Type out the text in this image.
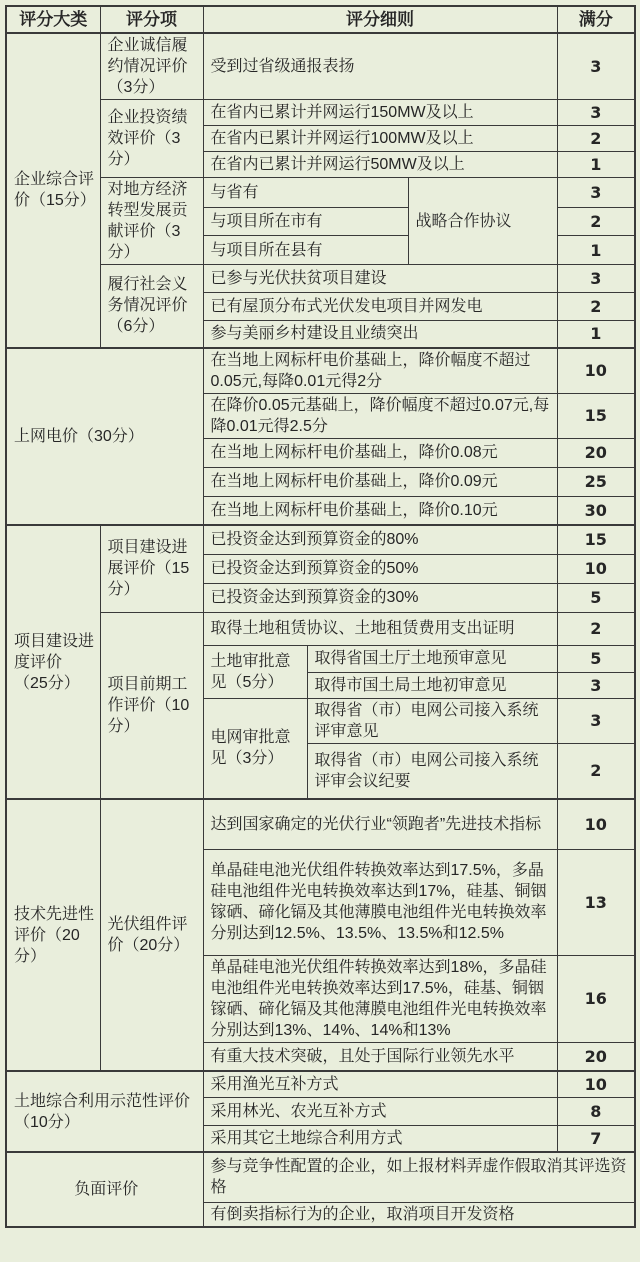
评分大类	评分项	评分细则			满分
企业综合评价（15分）	企业诚信履约情况评价（3分）	受到过省级通报表扬			3
	企业投资绩效评价（3分）	在省内已累计并网运行150MW及以上			3
		在省内已累计并网运行100MW及以上			2
		在省内已累计并网运行50MW及以上			1
	对地方经济转型发展贡献评价（3分）	与省有		战略合作协议	3
		与项目所在市有			2
		与项目所在县有			1
	履行社会义务情况评价（6分）	已参与光伏扶贫项目建设			3
		已有屋顶分布式光伏发电项目并网发电			2
		参与美丽乡村建设且业绩突出			1
上网电价（30分）		在当地上网标杆电价基础上，降价幅度不超过0.05元,每降0.01元得2分			10
		在降价0.05元基础上，降价幅度不超过0.07元,每降0.01元得2.5分			15
		在当地上网标杆电价基础上，降价0.08元			20
		在当地上网标杆电价基础上，降价0.09元			25
		在当地上网标杆电价基础上，降价0.10元			30
项目建设进度评价（25分）	项目建设进展评价（15分）	已投资金达到预算资金的80%			15
		已投资金达到预算资金的50%			10
		已投资金达到预算资金的30%			5
	项目前期工作评价（10分）	取得土地租赁协议、土地租赁费用支出证明			2
		土地审批意见（5分）	取得省国土厅土地预审意见		5
			取得市国土局土地初审意见		3
		电网审批意见（3分）	取得省（市）电网公司接入系统评审意见		3
			取得省（市）电网公司接入系统评审会议纪要		2
技术先进性评价（20分）	光伏组件评价（20分）	达到国家确定的光伏行业“领跑者”先进技术指标			10
		单晶硅电池光伏组件转换效率达到17.5%，多晶硅电池组件光电转换效率达到17%，硅基、铜铟镓硒、碲化镉及其他薄膜电池组件光电转换效率分别达到12.5%、13.5%、13.5%和12.5%			13
		单晶硅电池光伏组件转换效率达到18%，多晶硅电池组件光电转换效率达到17.5%，硅基、铜铟镓硒、碲化镉及其他薄膜电池组件光电转换效率分别达到13%、14%、14%和13%			16
		有重大技术突破，且处于国际行业领先水平			20
土地综合利用示范性评价（10分）		采用渔光互补方式			10
		采用林光、农光互补方式			8
		采用其它土地综合利用方式			7
负面评价		参与竞争性配置的企业，如上报材料弄虚作假取消其评选资格			
		有倒卖指标行为的企业，取消项目开发资格			
